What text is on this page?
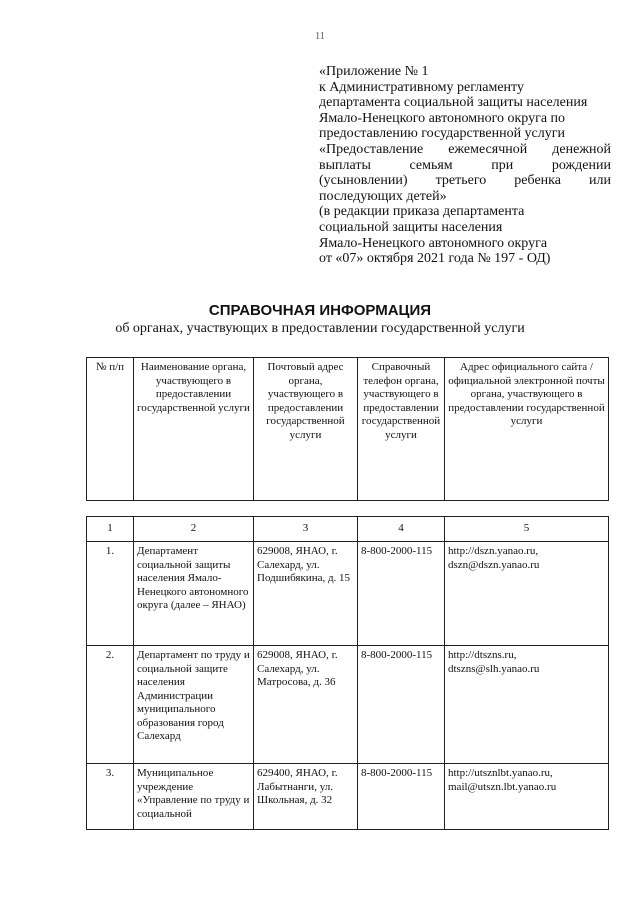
11
«Приложение № 1
к Административному регламенту
департамента социальной защиты населения
Ямало-Ненецкого автономного округа по
предоставлению государственной услуги
«Предоставление ежемесячной денежной
выплаты семьям при рождении
(усыновлении) третьего ребенка или
последующих детей»
(в редакции приказа департамента
социальной защиты населения
Ямало-Ненецкого автономного округа
от «07» октября 2021 года № 197 - ОД)
СПРАВОЧНАЯ ИНФОРМАЦИЯ
об органах, участвующих в предоставлении государственной услуги
№ п/п	Наименование органа, участвующего в предоставлении государственной услуги	Почтовый адрес органа, участвующего в предоставлении государственной услуги	Справочный телефон органа, участвующего в предоставлении государственной услуги	Адрес официального сайта /официальной электронной почты органа, участвующего в предоставлении государственной услуги
1	2	3	4	5
1.	Департамент социальной защиты населения Ямало-Ненецкого автономного округа (далее – ЯНАО)	629008, ЯНАО, г. Салехард, ул. Подшибякина, д. 15	8-800-2000-115	http://dszn.yanao.ru, dszn@dszn.yanao.ru
2.	Департамент по труду и социальной защите населения Администрации муниципального образования город Салехард	629008, ЯНАО, г. Салехард, ул. Матросова, д. 36	8-800-2000-115	http://dtszns.ru, dtszns@slh.yanao.ru
3.	Муниципальное учреждение «Управление по труду и социальной	629400, ЯНАО, г. Лабытнанги, ул. Школьная, д. 32	8-800-2000-115	http://utsznlbt.yanao.ru, mail@utszn.lbt.yanao.ru
